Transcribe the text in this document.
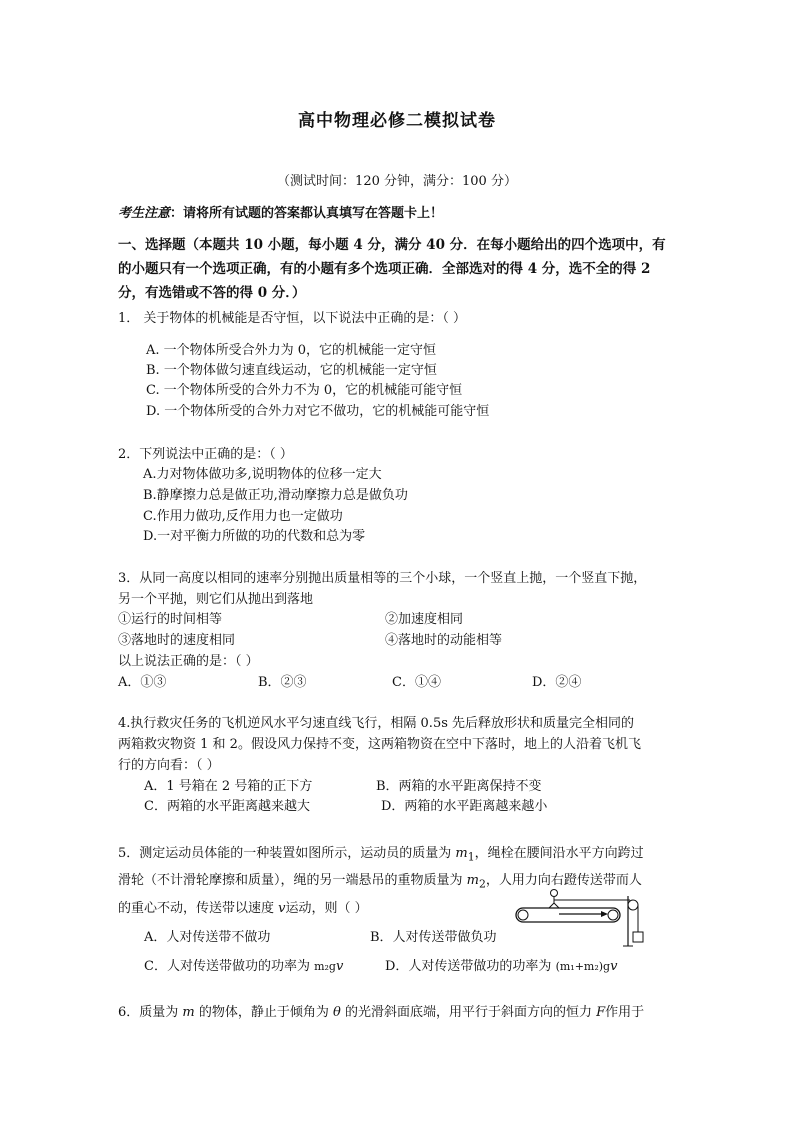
高中物理必修二模拟试卷
（测试时间：120 分钟，满分：100 分）
考生注意：请将所有试题的答案都认真填写在答题卡上！
一、选择题（本题共 10 小题，每小题 4 分，满分 40 分．在每小题给出的四个选项中，有的小题只有一个选项正确，有的小题有多个选项正确．全部选对的得 4 分，选不全的得 2 分，有选错或不答的得 0 分．）
1． 关于物体的机械能是否守恒，以下说法中正确的是：（ ）
A. 一个物体所受合外力为 0，它的机械能一定守恒
B. 一个物体做匀速直线运动，它的机械能一定守恒
C. 一个物体所受的合外力不为 0，它的机械能可能守恒
D. 一个物体所受的合外力对它不做功，它的机械能可能守恒
2．下列说法中正确的是：（ ）
A.力对物体做功多,说明物体的位移一定大
B.静摩擦力总是做正功,滑动摩擦力总是做负功
C.作用力做功,反作用力也一定做功
D.一对平衡力所做的功的代数和总为零
3．从同一高度以相同的速率分别抛出质量相等的三个小球，一个竖直上抛，一个竖直下抛，
另一个平抛，则它们从抛出到落地
①运行的时间相等	②加速度相同
③落地时的速度相同	④落地时的动能相等
以上说法正确的是：（ ）
A．①③	B．②③	C．①④	D．②④
4.执行救灾任务的飞机逆风水平匀速直线飞行，相隔 0.5s 先后释放形状和质量完全相同的
两箱救灾物资 1 和 2。假设风力保持不变，这两箱物资在空中下落时，地上的人沿着飞机飞
行的方向看：（ ）
A．1 号箱在 2 号箱的正下方	B．两箱的水平距离保持不变
C．两箱的水平距离越来越大	D．两箱的水平距离越来越小
5．测定运动员体能的一种装置如图所示，运动员的质量为 $m_1$，绳栓在腰间沿水平方向跨过
滑轮（不计滑轮摩擦和质量），绳的另一端悬吊的重物质量为 $m_2$，人用力向右蹬传送带而人
的重心不动，传送带以速度 v运动，则（ ）
A．人对传送带不做功	B．人对传送带做负功
C．人对传送带做功的功率为 m₂gv	D．人对传送带做功的功率为 (m₁+m₂)gv
6．质量为 m 的物体，静止于倾角为 θ 的光滑斜面底端，用平行于斜面方向的恒力 F作用于
